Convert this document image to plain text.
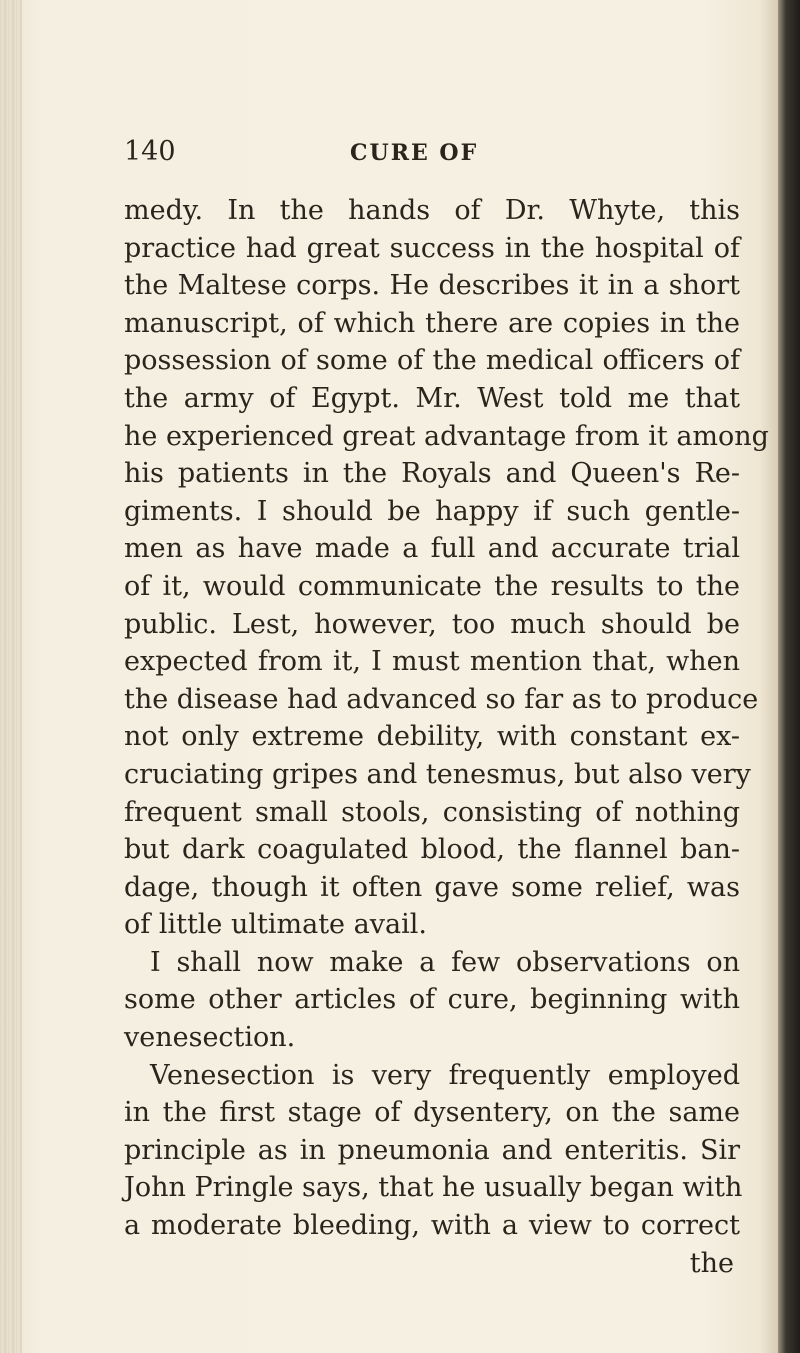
140	CURE OF
medy. In the hands of Dr. Whyte, this
practice had great success in the hospital of
the Maltese corps. He describes it in a short
manuscript, of which there are copies in the
possession of some of the medical officers of
the army of Egypt. Mr. West told me that
he experienced great advantage from it among
his patients in the Royals and Queen's Re-
giments. I should be happy if such gentle-
men as have made a full and accurate trial
of it, would communicate the results to the
public. Lest, however, too much should be
expected from it, I must mention that, when
the disease had advanced so far as to produce
not only extreme debility, with constant ex-
cruciating gripes and tenesmus, but also very
frequent small stools, consisting of nothing
but dark coagulated blood, the flannel ban-
dage, though it often gave some relief, was
of little ultimate avail.
I shall now make a few observations on
some other articles of cure, beginning with
venesection.
Venesection is very frequently employed
in the first stage of dysentery, on the same
principle as in pneumonia and enteritis. Sir
John Pringle says, that he usually began with
a moderate bleeding, with a view to correct
the
